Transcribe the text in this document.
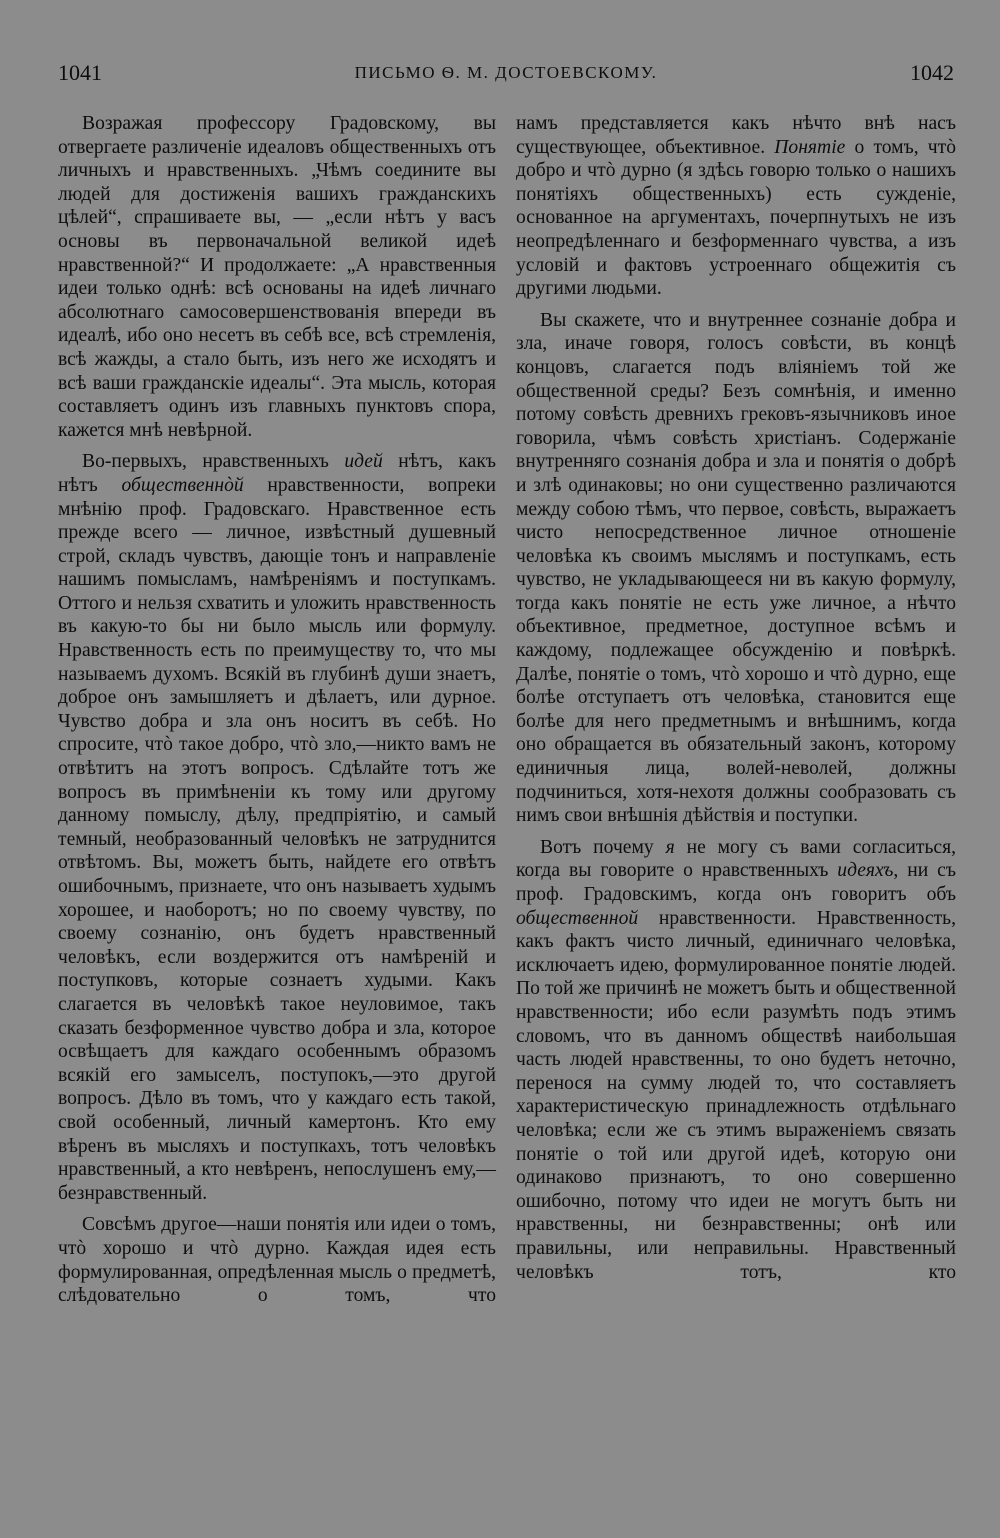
1041	ПИСЬМО Ѳ. М. ДОСТОЕВСКОМУ.	1042

Возражая профессору Градовскому, вы отвергаете различеніе идеаловъ общественныхъ отъ личныхъ и нравственныхъ. „Чѣмъ соедините вы людей для достиженія вашихъ гражданскихъ цѣлей“, спрашиваете вы, — „если нѣтъ у васъ основы въ первоначальной великой идеѣ нравственной?“ И продолжаете: „А нравственныя идеи только однѣ: всѣ основаны на идеѣ личнаго абсолютнаго самосовершенствованія впереди въ идеалѣ, ибо оно несетъ въ себѣ все, всѣ стремленія, всѣ жажды, а стало быть, изъ него же исходятъ и всѣ ваши гражданскіе идеалы“. Эта мысль, которая составляетъ одинъ изъ главныхъ пунктовъ спора, кажется мнѣ невѣрной.

Во-первыхъ, нравственныхъ идей нѣтъ, какъ нѣтъ общественнòй нравственности, вопреки мнѣнію проф. Градовскаго. Нравственное есть прежде всего — личное, извѣстный душевный строй, складъ чувствъ, дающіе тонъ и направленіе нашимъ помысламъ, намѣреніямъ и поступкамъ. Оттого и нельзя схватить и уложить нравственность въ какую-то бы ни было мысль или формулу. Нравственность есть по преимуществу то, что мы называемъ духомъ. Всякій въ глубинѣ души знаетъ, доброе онъ замышляетъ и дѣлаетъ, или дурное. Чувство добра и зла онъ носитъ въ себѣ. Но спросите, чтò такое добро, чтò зло,—никто вамъ не отвѣтитъ на этотъ вопросъ. Сдѣлайте тотъ же вопросъ въ примѣненіи къ тому или другому данному помыслу, дѣлу, предпріятію, и самый темный, необразованный человѣкъ не затруднится отвѣтомъ. Вы, можетъ быть, найдете его отвѣтъ ошибочнымъ, признаете, что онъ называетъ худымъ хорошее, и наоборотъ; но по своему чувству, по своему сознанію, онъ будетъ нравственный человѣкъ, если воздержится отъ намѣреній и поступковъ, которые сознаетъ худыми. Какъ слагается въ человѣкѣ такое неуловимое, такъ сказать безформенное чувство добра и зла, которое освѣщаетъ для каждаго особеннымъ образомъ всякій его замыселъ, поступокъ,—это другой вопросъ. Дѣло въ томъ, что у каждаго есть такой, свой особенный, личный камертонъ. Кто ему вѣренъ въ мысляхъ и поступкахъ, тотъ человѣкъ нравственный, а кто невѣренъ, непослушенъ ему,—безнравственный.

Совсѣмъ другое—наши понятія или идеи о томъ, чтò хорошо и чтò дурно. Каждая идея есть формулированная, опредѣленная мысль о предметѣ, слѣдовательно о томъ, что

намъ представляется какъ нѣчто внѣ насъ существующее, объективное. Понятіе о томъ, чтò добро и чтò дурно (я здѣсь говорю только о нашихъ понятіяхъ общественныхъ) есть сужденіе, основанное на аргументахъ, почерпнутыхъ не изъ неопредѣленнаго и безформеннаго чувства, а изъ условій и фактовъ устроеннаго общежитія съ другими людьми.

Вы скажете, что и внутреннее сознаніе добра и зла, иначе говоря, голосъ совѣсти, въ концѣ концовъ, слагается подъ вліяніемъ той же общественной среды? Безъ сомнѣнія, и именно потому совѣсть древнихъ грековъ-язычниковъ иное говорила, чѣмъ совѣсть христіанъ. Содержаніе внутренняго сознанія добра и зла и понятія о добрѣ и злѣ одинаковы; но они существенно различаются между собою тѣмъ, что первое, совѣсть, выражаетъ чисто непосредственное личное отношеніе человѣка къ своимъ мыслямъ и поступкамъ, есть чувство, не укладывающееся ни въ какую формулу, тогда какъ понятіе не есть уже личное, а нѣчто объективное, предметное, доступное всѣмъ и каждому, подлежащее обсужденію и повѣркѣ. Далѣе, понятіе о томъ, чтò хорошо и чтò дурно, еще болѣе отступаетъ отъ человѣка, становится еще болѣе для него предметнымъ и внѣшнимъ, когда оно обращается въ обязательный законъ, которому единичныя лица, волей-неволей, должны подчиниться, хотя-нехотя должны сообразовать съ нимъ свои внѣшнія дѣйствія и поступки.

Вотъ почему я не могу съ вами согласиться, когда вы говорите о нравственныхъ идеяхъ, ни съ проф. Градовскимъ, когда онъ говоритъ объ общественной нравственности. Нравственность, какъ фактъ чисто личный, единичнаго человѣка, исключаетъ идею, формулированное понятіе людей. По той же причинѣ не можетъ быть и общественной нравственности; ибо если разумѣть подъ этимъ словомъ, что въ данномъ обществѣ наибольшая часть людей нравственны, то оно будетъ неточно, перенося на сумму людей то, что составляетъ характеристическую принадлежность отдѣльнаго человѣка; если же съ этимъ выраженіемъ связать понятіе о той или другой идеѣ, которую они одинаково признаютъ, то оно совершенно ошибочно, потому что идеи не могутъ быть ни нравственны, ни безнравственны; онѣ или правильны, или неправильны. Нравственный человѣкъ тотъ, кто
